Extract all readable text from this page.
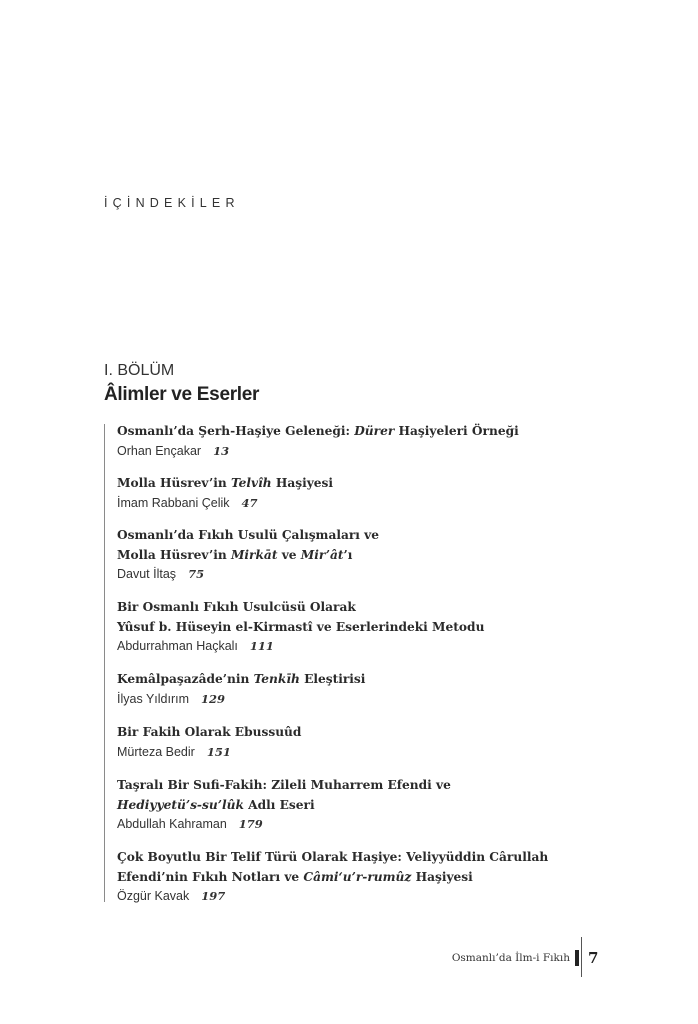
İÇİNDEKİLER
I. BÖLÜM
Âlimler ve Eserler
Osmanlı’da Şerh-Haşiye Geleneği: Dürer Haşiyeleri Örneği
Orhan Ençakar 13
Molla Hüsrev’in Telvîh Haşiyesi
İmam Rabbani Çelik 47
Osmanlı’da Fıkıh Usulü Çalışmaları ve
Molla Hüsrev’in Mirkāt ve Mir’ât’ı
Davut İltaş 75
Bir Osmanlı Fıkıh Usulcüsü Olarak
Yûsuf b. Hüseyin el-Kirmastî ve Eserlerindeki Metodu
Abdurrahman Haçkalı 111
Kemâlpaşazâde’nin Tenkīh Eleştirisi
İlyas Yıldırım 129
Bir Fakih Olarak Ebussuûd
Mürteza Bedir 151
Taşralı Bir Sufi-Fakih: Zileli Muharrem Efendi ve
Hediyyetü’s-su’lûk Adlı Eseri
Abdullah Kahraman 179
Çok Boyutlu Bir Telif Türü Olarak Haşiye: Veliyyüddin Cârullah
Efendi’nin Fıkıh Notları ve Câmi‘u’r-rumûz Haşiyesi
Özgür Kavak 197
Osmanlı’da İlm-i Fıkıh 7
